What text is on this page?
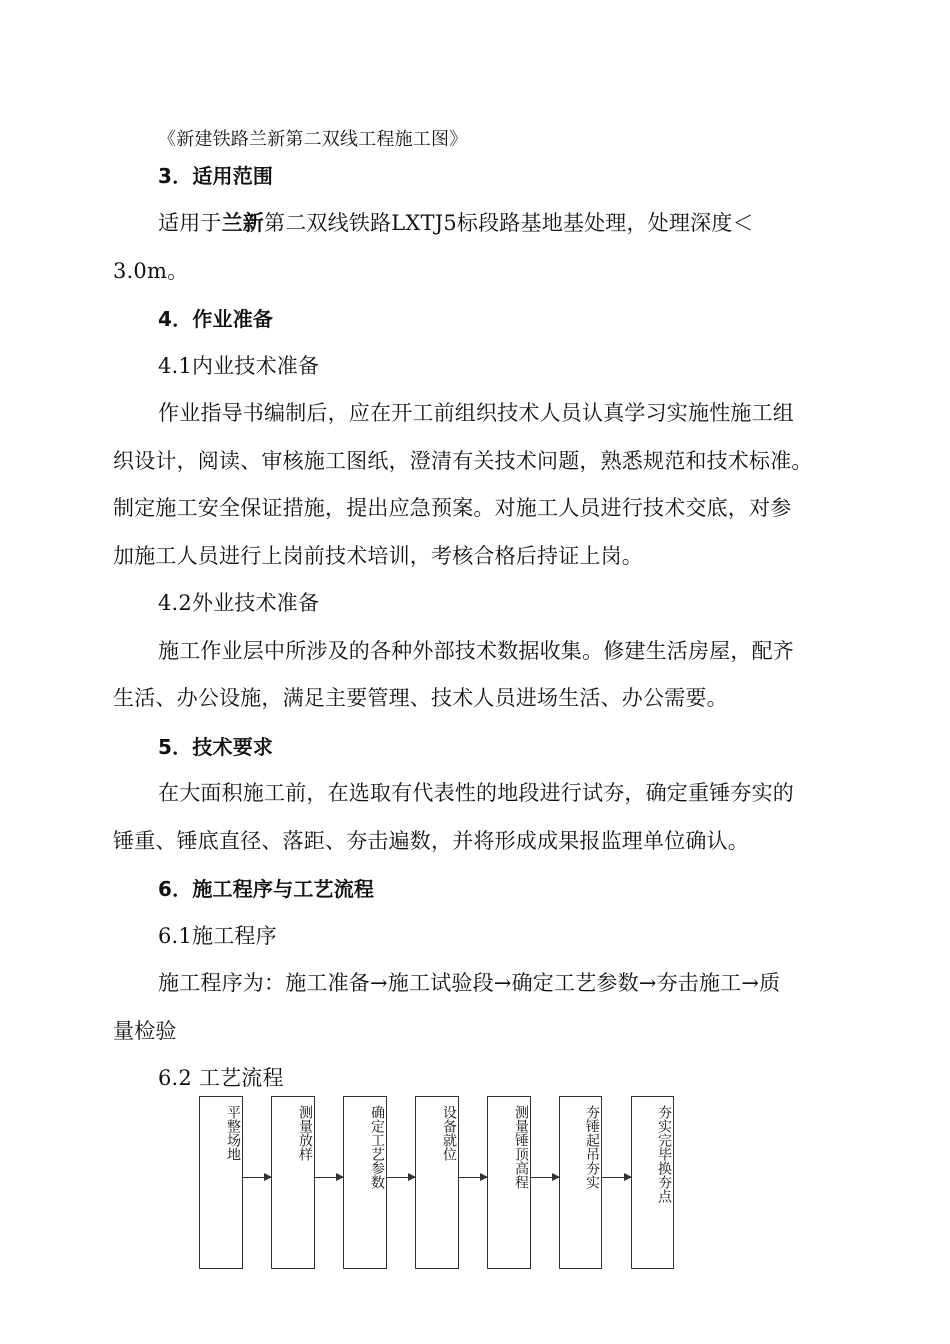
《新建铁路兰新第二双线工程施工图》
3．适用范围
适用于兰新第二双线铁路LXTJ5标段路基地基处理，处理深度＜
3.0m。
4．作业准备
4.1内业技术准备
作业指导书编制后，应在开工前组织技术人员认真学习实施性施工组
织设计，阅读、审核施工图纸，澄清有关技术问题，熟悉规范和技术标准。
制定施工安全保证措施，提出应急预案。对施工人员进行技术交底，对参
加施工人员进行上岗前技术培训，考核合格后持证上岗。
4.2外业技术准备
施工作业层中所涉及的各种外部技术数据收集。修建生活房屋，配齐
生活、办公设施，满足主要管理、技术人员进场生活、办公需要。
5．技术要求
在大面积施工前，在选取有代表性的地段进行试夯，确定重锤夯实的
锤重、锤底直径、落距、夯击遍数，并将形成成果报监理单位确认。
6．施工程序与工艺流程
6.1施工程序
施工程序为：施工准备→施工试验段→确定工艺参数→夯击施工→质
量检验
6.2 工艺流程
平整场地	测量放样	确定工艺参数	设备就位	测量锤顶高程	夯锤起吊夯实	夯实完毕换夯点
